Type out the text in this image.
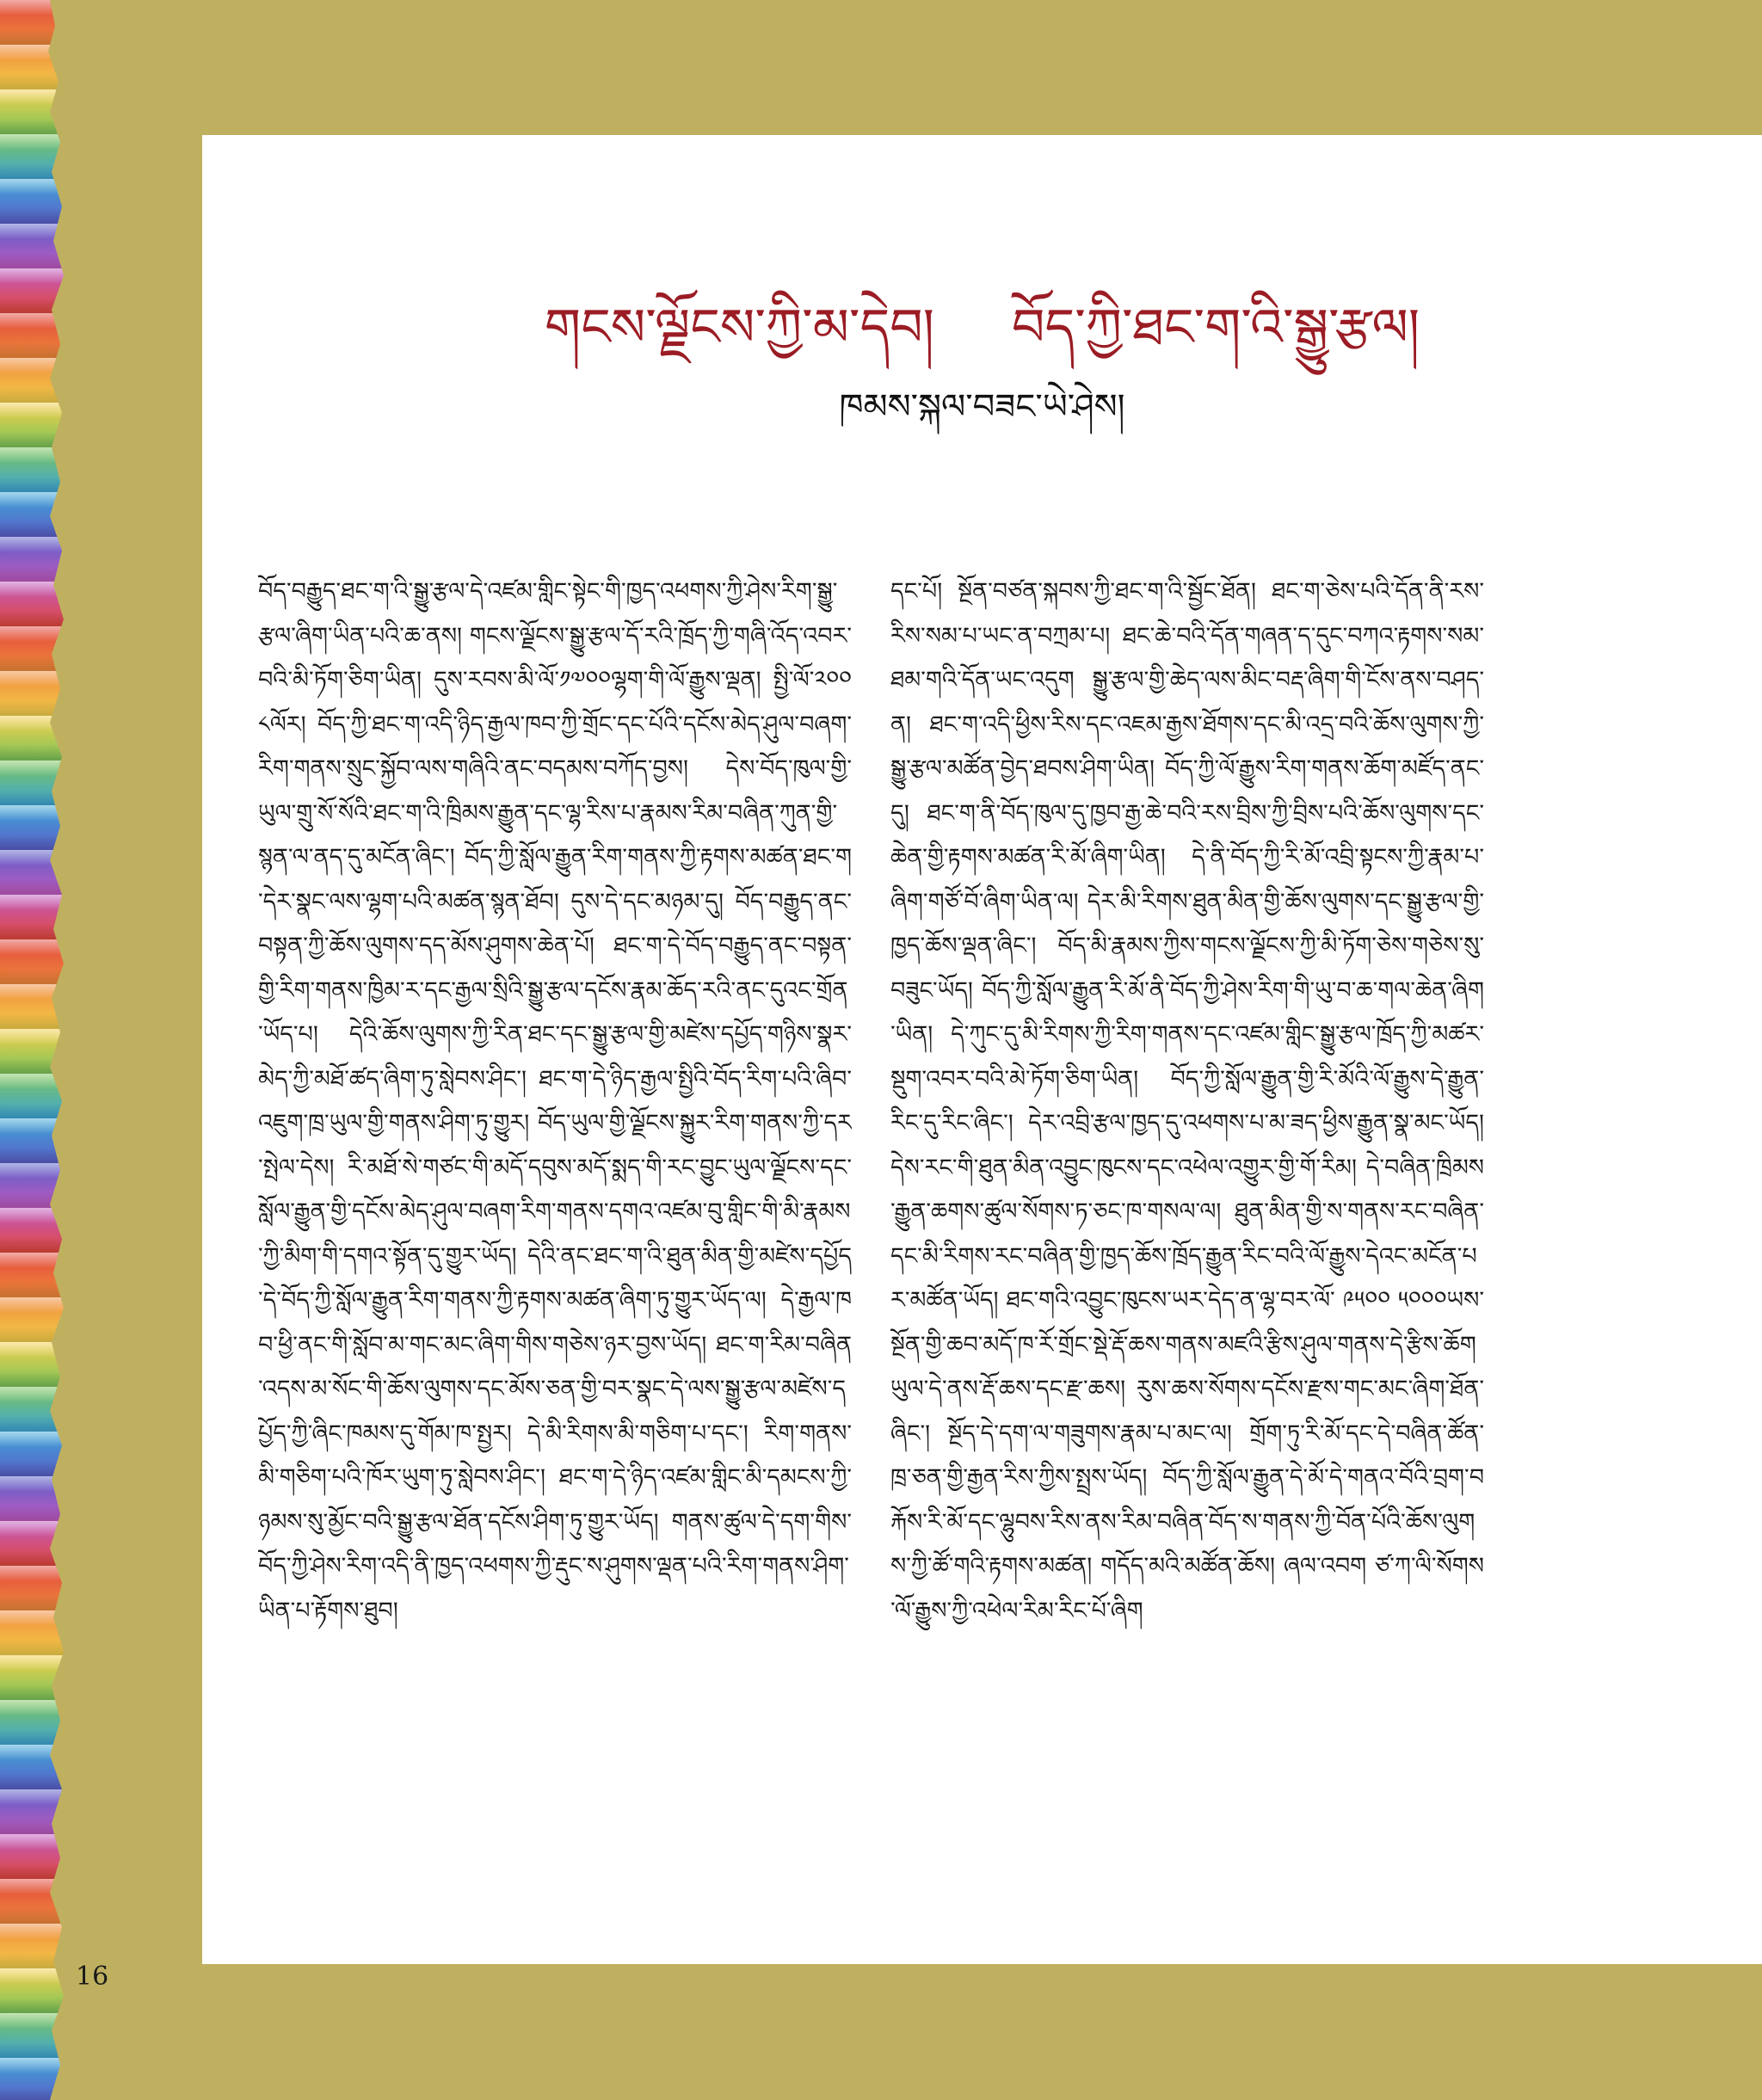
གངས་ལྗོངས་ཀྱི་མ་དེབ། བོད་ཀྱི་ཐང་ག་འི་སྒྱུ་རྩལ།
ཁམས་སྐལ་བཟང་ཡེ་ཤེས།
བོད་བརྒྱུད་ཐང་ག་འི་སྒྱུ་རྩལ་དེ་འཛམ་གླིང་སྟེང་གི་ཁྱད་འཕགས་ཀྱི་ཤེས་རིག་སྒྱུ་རྩལ་ཞིག་ཡིན་པའི་ཆ་ནས། གངས་ལྗོངས་སྒྱུ་རྩལ་དོ་རའི་ཁྲོད་ཀྱི་གཞི་འོད་འབར་བའི་མི་ཏོག་ཅིག་ཡིན། དུས་རབས་མི་ལོ་༡༧༠༠ལྷག་གི་ལོ་རྒྱུས་ལྡན། སྤྱི་ལོ་༢༠༠༨ལོར། བོད་ཀྱི་ཐང་ག་འདི་ཉིད་རྒྱལ་ཁབ་ཀྱི་གྲོང་དང་པོའི་དངོས་མེད་ཤུལ་བཞག་རིག་གནས་སྲུང་སྐྱོབ་ལས་གཞིའི་ནང་བདམས་བཀོད་བྱས། དེས་བོད་ཁུལ་གྱི་ཡུལ་གྲུ་སོ་སོའི་ཐང་ག་འི་ཁྲིམས་རྒྱུན་དང་ལྷ་རིས་པ་རྣམས་རིམ་བཞིན་ཀུན་གྱི་སྙན་ལ་ནད་དུ་མངོན་ཞིང་། བོད་ཀྱི་སློལ་རྒྱུན་རིག་གནས་ཀྱི་རྟགས་མཚན་ཐང་ག་དེར་སྣང་ལས་ལྷག་པའི་མཚན་སྙན་ཐོབ། དུས་དེ་དང་མཉམ་དུ། བོད་བརྒྱུད་ནང་བསྟན་ཀྱི་ཆོས་ལུགས་དད་མོས་ཤུགས་ཆེན་པོ། ཐང་ག་དེ་བོད་བརྒྱུད་ནང་བསྟན་གྱི་རིག་གནས་ཁྱིམ་ར་དང་རྒྱལ་སྲིའི་སྒྱུ་རྩལ་དངོས་རྣམ་ཆོད་རའི་ནང་དུའང་གྲོན་ཡོད་པ། དེའི་ཆོས་ལུགས་ཀྱི་རིན་ཐང་དང་སྒྱུ་རྩལ་གྱི་མཛེས་དཔྱོད་གཉིས་སྣར་མེད་ཀྱི་མཐོ་ཚད་ཞིག་ཏུ་སླེབས་ཤིང་། ཐང་ག་དེ་ཉིད་རྒྱལ་སྤྱིའི་བོད་རིག་པའི་ཞིབ་འཇུག་ཁྲ་ཡུལ་གྱི་གནས་ཤིག་ཏུ་གྱུར། བོད་ཡུལ་གྱི་ལྗོངས་སྐྱུར་རིག་གནས་ཀྱི་དར་སྤེལ་དེས། རི་མཐོ་སེ་གཙང་གི་མདོ་དབུས་མདོ་སྨད་གི་རང་བྱུང་ཡུལ་ལྗོངས་དང་སློལ་རྒྱུན་གྱི་དངོས་མེད་ཤུལ་བཞག་རིག་གནས་དགའ་འཛམ་བུ་གླིང་གི་མི་རྣམས་ཀྱི་མིག་གི་དགའ་སྟོན་དུ་གྱུར་ཡོད། དེའི་ནང་ཐང་ག་འི་ཐུན་མིན་གྱི་མཛེས་དཔྱོད་དེ་བོད་ཀྱི་སློལ་རྒྱུན་རིག་གནས་ཀྱི་རྟགས་མཚན་ཞིག་ཏུ་གྱུར་ཡོད་ལ། དེ་རྒྱལ་ཁབ་ཕྱི་ནང་གི་སློབ་མ་གང་མང་ཞིག་གིས་གཅེས་ཉར་བྱས་ཡོད། ཐང་ག་རིམ་བཞིན་འདས་མ་སོང་གི་ཆོས་ལུགས་དང་མོས་ཅན་གྱི་བར་སྣང་དེ་ལས་སྒྱུ་རྩལ་མཛེས་དཔྱོད་ཀྱི་ཞིང་ཁམས་དུ་གོམ་ཁ་སྤྱར། དེ་མི་རིགས་མི་གཅིག་པ་དང་། རིག་གནས་མི་གཅིག་པའི་ཁོར་ཡུག་ཏུ་སླེབས་ཤིང་། ཐང་ག་དེ་ཉིད་འཛམ་གླིང་མི་དམངས་ཀྱི་ཉམས་སུ་མྱོང་བའི་སྒྱུ་རྩལ་ཐོན་དངོས་ཤིག་ཏུ་གྱུར་ཡོད། གནས་ཚུལ་དེ་དག་གིས་བོད་ཀྱི་ཤེས་རིག་འདི་ནི་ཁྱད་འཕགས་ཀྱི་རྡུང་ས་ཤུགས་ལྡན་པའི་རིག་གནས་ཤིག་ཡིན་པ་རྟོགས་ཐུབ།
དང་པོ། སྔོན་བཙན་སྐབས་ཀྱི་ཐང་ག་འི་སྦྱོང་ཐོན། ཐང་ག་ཅེས་པའི་དོན་ནི་རས་རིས་སམ་པ་ཡང་ན་བཀྲམ་པ། ཐང་ཆེ་བའི་དོན་གཞན་ད་དུང་བཀའ་རྟགས་སམ་ཐམ་གའི་དོན་ཡང་འདུག སྒྱུ་རྩལ་གྱི་ཆེད་ལས་མིང་བརྡ་ཞིག་གི་ངོས་ནས་བཤད་ན། ཐང་ག་འདི་ཕྱིས་རིས་དང་འཇམ་རྒྱས་ཐོགས་དང་མི་འདྲ་བའི་ཆོས་ལུགས་ཀྱི་སྒྱུ་རྩལ་མཚོན་བྱེད་ཐབས་ཤིག་ཡིན། བོད་ཀྱི་ལོ་རྒྱུས་རིག་གནས་ཆོག་མཛོད་ནང་དུ། ཐང་ག་ནི་བོད་ཁུལ་དུ་ཁྱབ་རྒྱ་ཆེ་བའི་རས་བྲིས་ཀྱི་བྲིས་པའི་ཆོས་ལུགས་དང་ཆེན་གྱི་རྟགས་མཚན་རི་མོ་ཞིག་ཡིན། དེ་ནི་བོད་ཀྱི་རི་མོ་འབྲི་སྟངས་ཀྱི་རྣམ་པ་ཞིག་གཙོ་བོ་ཞིག་ཡིན་ལ། དེར་མི་རིགས་ཐུན་མིན་གྱི་ཆོས་ལུགས་དང་སྒྱུ་རྩལ་གྱི་ཁྱད་ཆོས་ལྡན་ཞིང་། བོད་མི་རྣམས་ཀྱིས་གངས་ལྗོངས་ཀྱི་མི་ཏོག་ཅེས་གཅེས་སུ་བཟུང་ཡོད། བོད་ཀྱི་སློལ་རྒྱུན་རི་མོ་ནི་བོད་ཀྱི་ཤེས་རིག་གི་ཡུ་བ་ཆ་གལ་ཆེན་ཞིག་ཡིན། དེ་ཀུང་དུ་མི་རིགས་ཀྱི་རིག་གནས་དང་འཛམ་གླིང་སྒྱུ་རྩལ་ཁྲོད་ཀྱི་མཚར་སྡུག་འབར་བའི་མེ་ཏོག་ཅིག་ཡིན། བོད་ཀྱི་སློལ་རྒྱུན་གྱི་རི་མོའི་ལོ་རྒྱུས་དེ་རྒྱུན་རིང་དུ་རིང་ཞིང་། དེར་འབྲི་རྩལ་ཁྱད་དུ་འཕགས་པ་མ་ཟད་ཕྱིས་རྒྱུན་སྣ་མང་ཡོད། དེས་རང་གི་ཐུན་མིན་འབྱུང་ཁུངས་དང་འཕེལ་འགྱུར་གྱི་གོ་རིམ། དེ་བཞིན་ཁྲིམས་རྒྱུན་ཆགས་ཚུལ་སོགས་ཏ་ཅང་ཁ་གསལ་ལ། ཐུན་མིན་གྱི་ས་གནས་རང་བཞིན་དང་མི་རིགས་རང་བཞིན་གྱི་ཁྱད་ཆོས་ཁྲོད་རྒྱུན་རིང་བའི་ལོ་རྒྱུས་དེའང་མངོན་པར་མཚོན་ཡོད། ཐང་གའི་འབྱུང་ཁུངས་ཡར་དེད་ན་ལྷ་བར་ལོ་ ༩༥༠༠ ༥༠༠༠ཡས་སྔོན་གྱི་ཆབ་མདོ་ཁ་རོ་གྲོང་སྡེ་རྡོ་ཆས་གནས་མཛའི་རྩིས་ཤུལ་གནས་དེ་རྩིས་ཆོག ཡུལ་དེ་ནས་རྡོ་ཆས་དང་རྫ་ཆས། རུས་ཆས་སོགས་དངོས་རྫས་གང་མང་ཞིག་ཐོན་ཞིང་། སྔོད་དེ་དག་ལ་གཟུགས་རྣམ་པ་མང་ལ། གྲོག་ཏུ་རི་མོ་དང་དེ་བཞིན་ཚོན་ཁྲ་ཅན་གྱི་རྒྱན་རིས་ཀྱིས་སྤྲས་ཡོད། བོད་ཀྱི་སློལ་རྒྱུན་དེ་མོ་དེ་གནའ་བོའི་བྲག་བརྐོས་རི་མོ་དང་ལྷུབས་རིས་ནས་རིམ་བཞིན་བོད་ས་གནས་ཀྱི་བོན་པོའི་ཆོས་ལུགས་ཀྱི་ཚོ་གའི་རྟགས་མཚན། གདོད་མའི་མཚོན་ཆོས། ཞལ་འབག ཙ་ཀ་ལི་སོགས་ལོ་རྒྱུས་ཀྱི་འཕེལ་རིམ་རིང་པོ་ཞིག
16
